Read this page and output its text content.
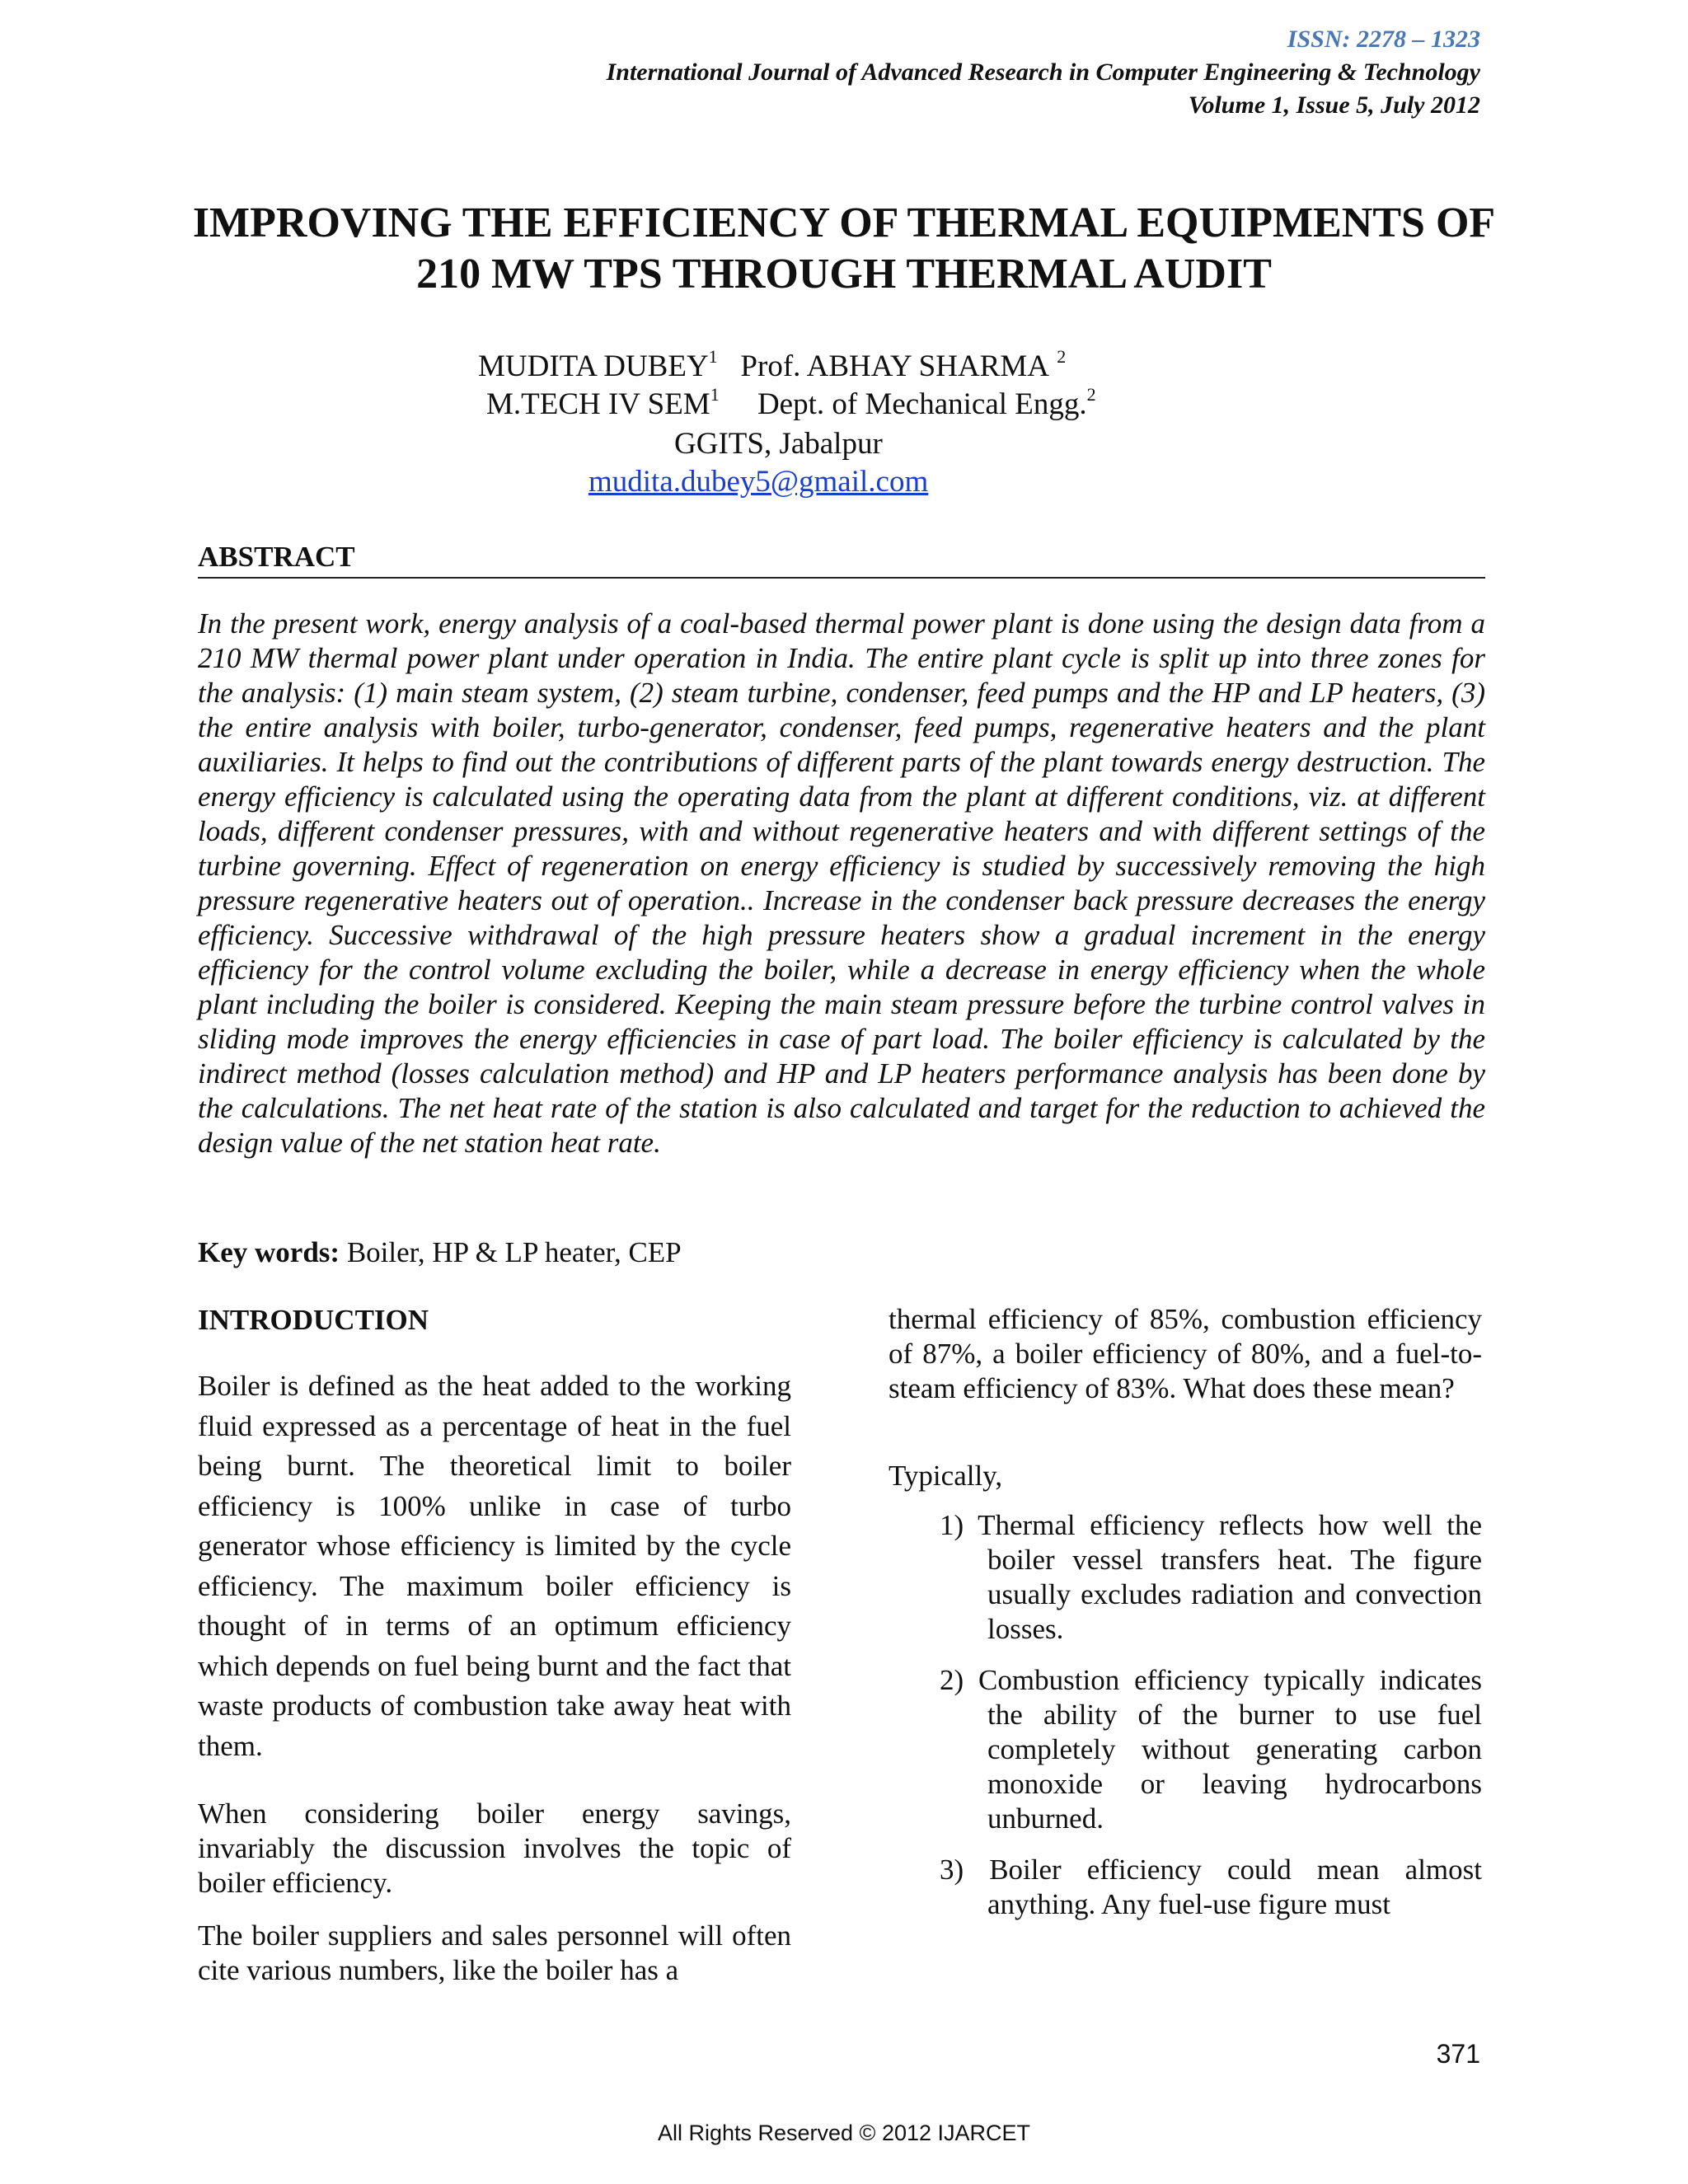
ISSN: 2278 – 1323
International Journal of Advanced Research in Computer Engineering & Technology
Volume 1, Issue 5, July 2012
IMPROVING THE EFFICIENCY OF THERMAL EQUIPMENTS OF 210 MW TPS THROUGH THERMAL AUDIT
MUDITA DUBEY$^1$ Prof. ABHAY SHARMA $^2$
M.TECH IV SEM$^1$ Dept. of Mechanical Engg.$^2$
GGITS, Jabalpur
mudita.dubey5@gmail.com
ABSTRACT
In the present work, energy analysis of a coal-based thermal power plant is done using the design data from a 210 MW thermal power plant under operation in India. The entire plant cycle is split up into three zones for the analysis: (1) main steam system, (2) steam turbine, condenser, feed pumps and the HP and LP heaters, (3) the entire analysis with boiler, turbo-generator, condenser, feed pumps, regenerative heaters and the plant auxiliaries. It helps to find out the contributions of different parts of the plant towards energy destruction. The energy efficiency is calculated using the operating data from the plant at different conditions, viz. at different loads, different condenser pressures, with and without regenerative heaters and with different settings of the turbine governing. Effect of regeneration on energy efficiency is studied by successively removing the high pressure regenerative heaters out of operation.. Increase in the condenser back pressure decreases the energy efficiency. Successive withdrawal of the high pressure heaters show a gradual increment in the energy efficiency for the control volume excluding the boiler, while a decrease in energy efficiency when the whole plant including the boiler is considered. Keeping the main steam pressure before the turbine control valves in sliding mode improves the energy efficiencies in case of part load. The boiler efficiency is calculated by the indirect method (losses calculation method) and HP and LP heaters performance analysis has been done by the calculations. The net heat rate of the station is also calculated and target for the reduction to achieved the design value of the net station heat rate.
Key words: Boiler, HP & LP heater, CEP
INTRODUCTION
Boiler is defined as the heat added to the working fluid expressed as a percentage of heat in the fuel being burnt. The theoretical limit to boiler efficiency is 100% unlike in case of turbo generator whose efficiency is limited by the cycle efficiency. The maximum boiler efficiency is thought of in terms of an optimum efficiency which depends on fuel being burnt and the fact that waste products of combustion take away heat with them.
When considering boiler energy savings, invariably the discussion involves the topic of boiler efficiency.
The boiler suppliers and sales personnel will often cite various numbers, like the boiler has a
thermal efficiency of 85%, combustion efficiency of 87%, a boiler efficiency of 80%, and a fuel-to-steam efficiency of 83%. What does these mean?
Typically,
1) Thermal efficiency reflects how well the boiler vessel transfers heat. The figure usually excludes radiation and convection losses.
2) Combustion efficiency typically indicates the ability of the burner to use fuel completely without generating carbon monoxide or leaving hydrocarbons unburned.
3) Boiler efficiency could mean almost anything. Any fuel-use figure must
371
All Rights Reserved © 2012 IJARCET
